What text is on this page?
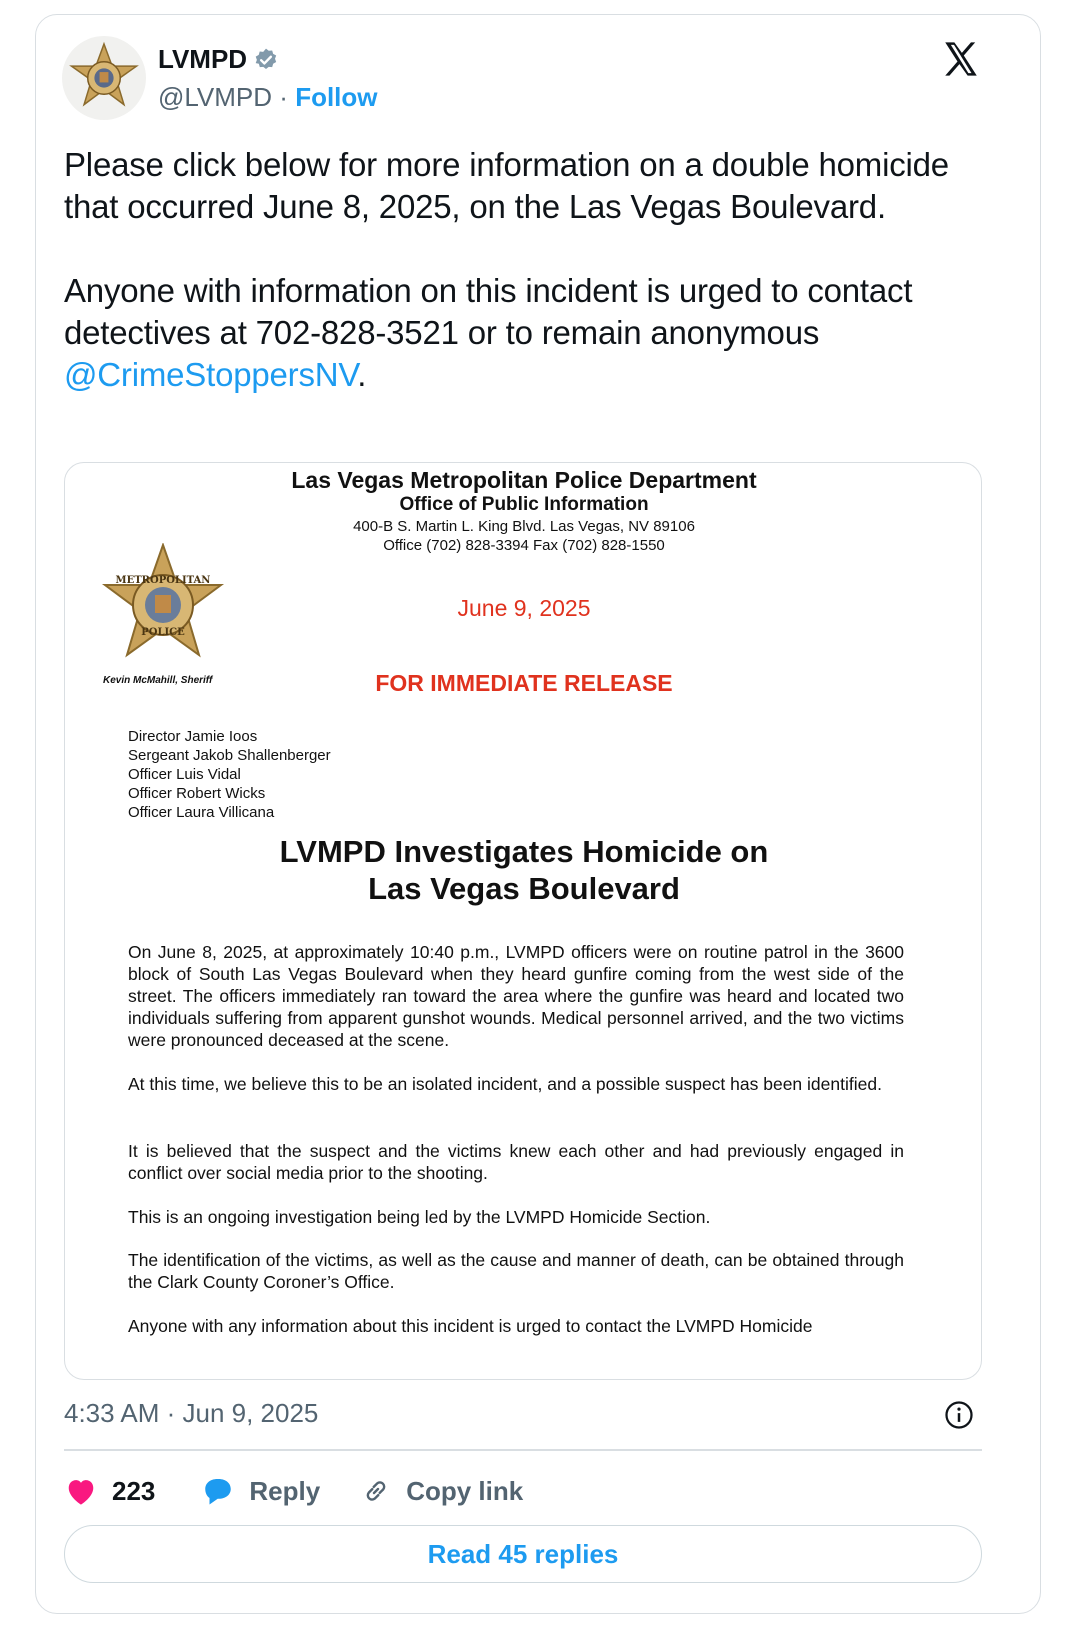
LVMPD
@LVMPD · Follow
Please click below for more information on a double homicide that occurred June 8, 2025, on the Las Vegas Boulevard.

Anyone with information on this incident is urged to contact detectives at 702-828-3521 or to remain anonymous @CrimeStoppersNV.
Las Vegas Metropolitan Police Department
Office of Public Information
400-B S. Martin L. King Blvd. Las Vegas, NV 89106
Office (702) 828-3394 Fax (702) 828-1550
METROPOLITAN
POLICE
Kevin McMahill, Sheriff
June 9, 2025
FOR IMMEDIATE RELEASE
Director Jamie Ioos
Sergeant Jakob Shallenberger
Officer Luis Vidal
Officer Robert Wicks
Officer Laura Villicana
LVMPD Investigates Homicide on
Las Vegas Boulevard
On June 8, 2025, at approximately 10:40 p.m., LVMPD officers were on routine patrol in the 3600 block of South Las Vegas Boulevard when they heard gunfire coming from the west side of the street. The officers immediately ran toward the area where the gunfire was heard and located two individuals suffering from apparent gunshot wounds. Medical personnel arrived, and the two victims were pronounced deceased at the scene.
At this time, we believe this to be an isolated incident, and a possible suspect has been identified.
It is believed that the suspect and the victims knew each other and had previously engaged in conflict over social media prior to the shooting.
This is an ongoing investigation being led by the LVMPD Homicide Section.
The identification of the victims, as well as the cause and manner of death, can be obtained through the Clark County Coroner’s Office.
Anyone with any information about this incident is urged to contact the LVMPD Homicide
4:33 AM · Jun 9, 2025
223	Reply	Copy link
Read 45 replies
